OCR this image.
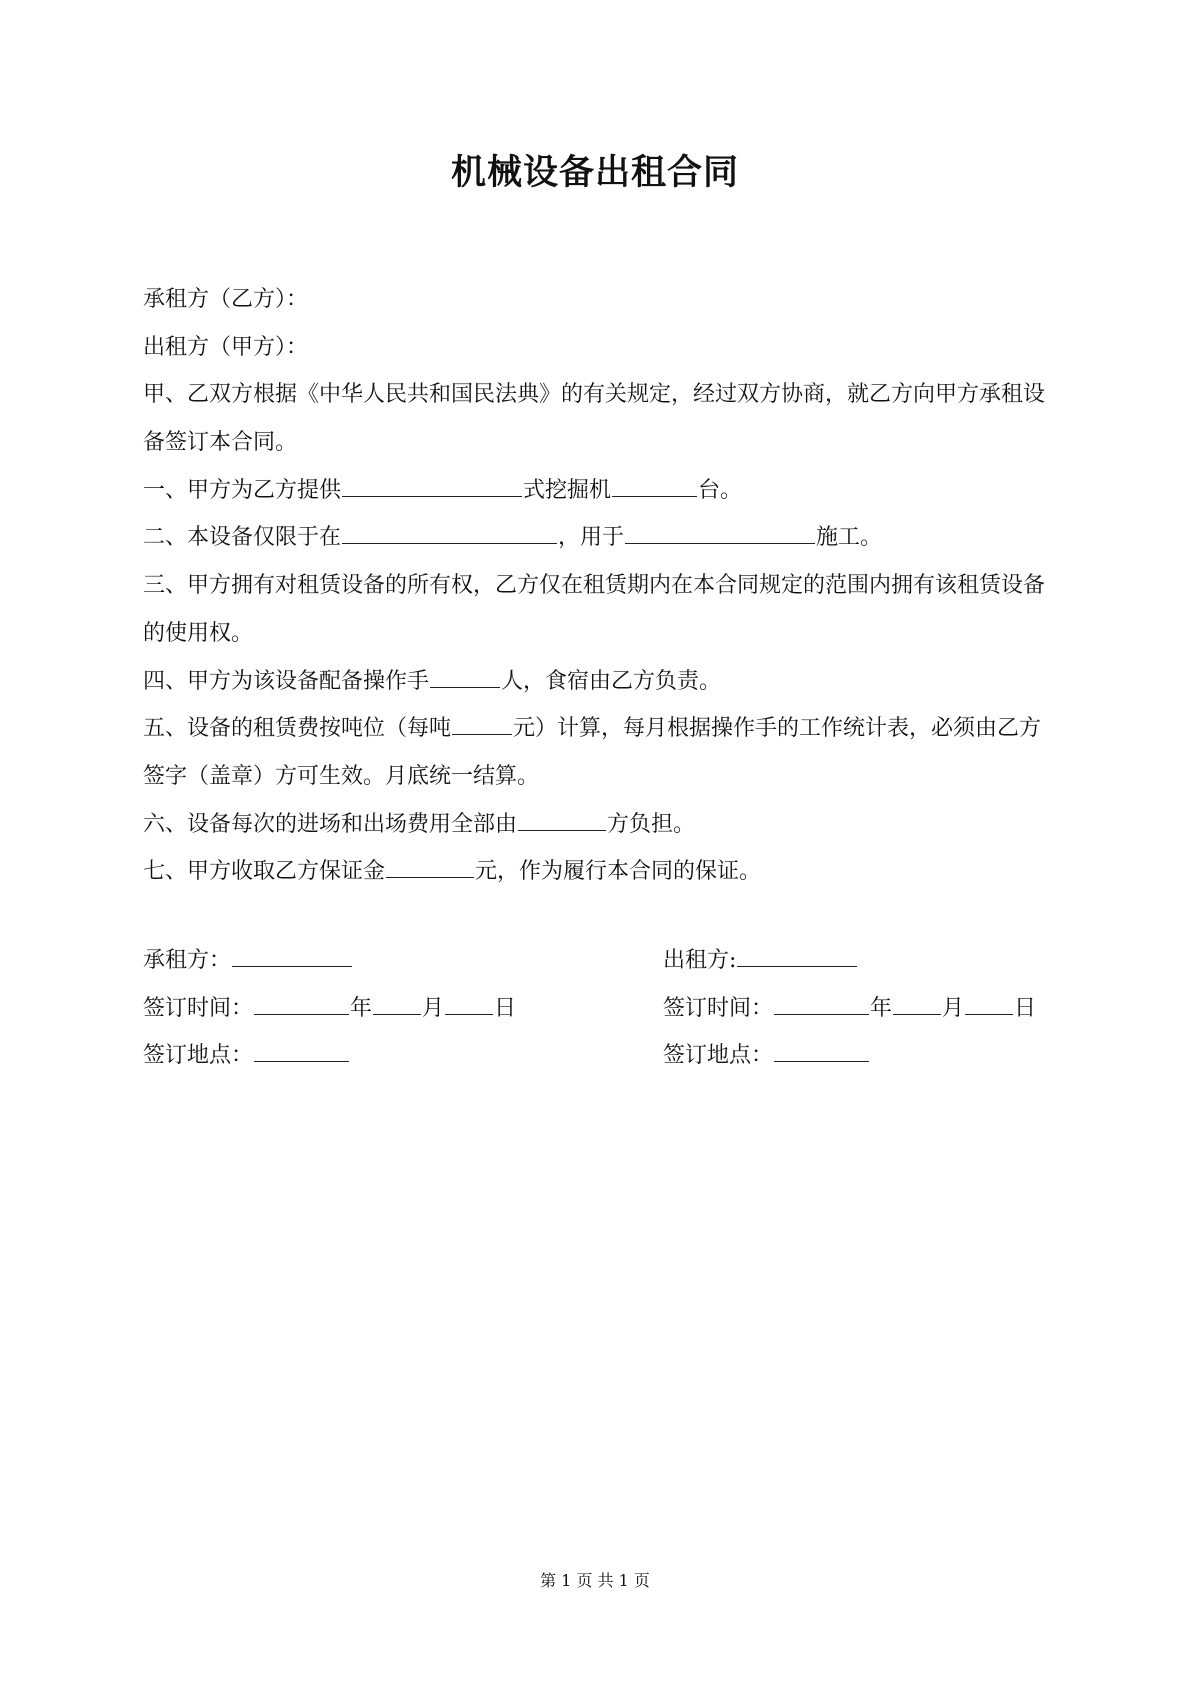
机械设备出租合同
承租方（乙方）：
出租方（甲方）：
甲、乙双方根据《中华人民共和国民法典》的有关规定，经过双方协商，就乙方向甲方承租设备签订本合同。
一、甲方为乙方提供	式挖掘机	台。
二、本设备仅限于在	，用于	施工。
三、甲方拥有对租赁设备的所有权，乙方仅在租赁期内在本合同规定的范围内拥有该租赁设备的使用权。
四、甲方为该设备配备操作手	人，食宿由乙方负责。
五、设备的租赁费按吨位（每吨	元）计算，每月根据操作手的工作统计表，必须由乙方签字（盖章）方可生效。月底统一结算。
六、设备每次的进场和出场费用全部由	方负担。
七、甲方收取乙方保证金	元，作为履行本合同的保证。
承租方：	出租方:
签订时间：	年 月 日	签订时间：	年 月 日
签订地点：	签订地点：
第 1 页 共 1 页
